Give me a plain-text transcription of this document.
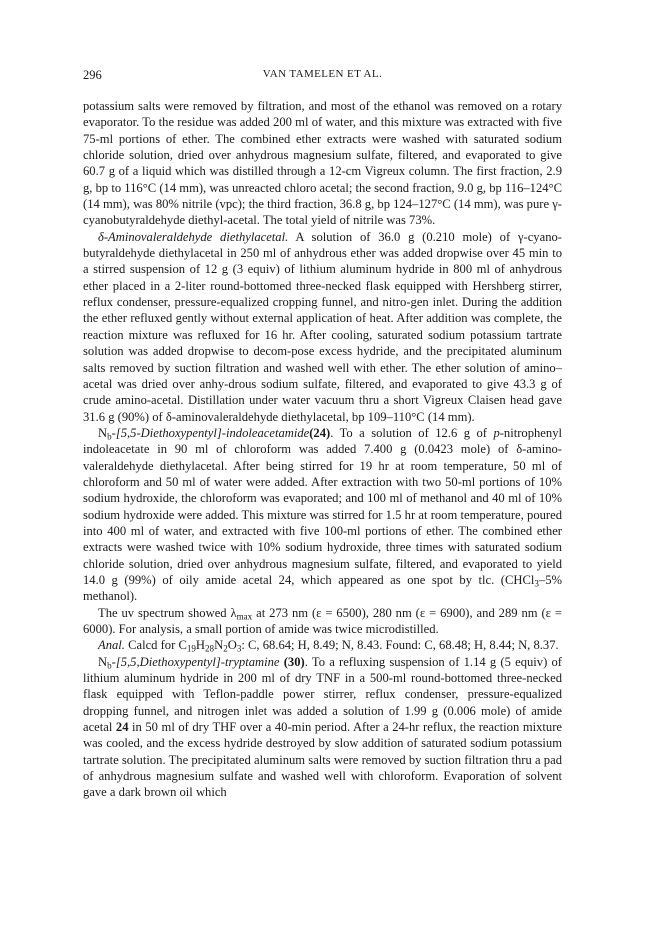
296	VAN TAMELEN ET AL.

potassium salts were removed by filtration, and most of the ethanol was removed on a rotary evaporator. To the residue was added 200 ml of water, and this mixture was extracted with five 75-ml portions of ether. The combined ether extracts were washed with saturated sodium chloride solution, dried over anhydrous magnesium sulfate, filtered, and evaporated to give 60.7 g of a liquid which was distilled through a 12-cm Vigreux column. The first fraction, 2.9 g, bp to 116°C (14 mm), was unreacted chloro acetal; the second fraction, 9.0 g, bp 116–124°C (14 mm), was 80% nitrile (vpc); the third fraction, 36.8 g, bp 124–127°C (14 mm), was pure γ-cyanobutyraldehyde diethyl-acetal. The total yield of nitrile was 73%.

δ-Aminovaleraldehyde diethylacetal. A solution of 36.0 g (0.210 mole) of γ-cyano-butyraldehyde diethylacetal in 250 ml of anhydrous ether was added dropwise over 45 min to a stirred suspension of 12 g (3 equiv) of lithium aluminum hydride in 800 ml of anhydrous ether placed in a 2-liter round-bottomed three-necked flask equipped with Hershberg stirrer, reflux condenser, pressure-equalized cropping funnel, and nitro-gen inlet. During the addition the ether refluxed gently without external application of heat. After addition was complete, the reaction mixture was refluxed for 16 hr. After cooling, saturated sodium potassium tartrate solution was added dropwise to decom-pose excess hydride, and the precipitated aluminum salts removed by suction filtration and washed well with ether. The ether solution of amino–acetal was dried over anhy-drous sodium sulfate, filtered, and evaporated to give 43.3 g of crude amino-acetal. Distillation under water vacuum thru a short Vigreux Claisen head gave 31.6 g (90%) of δ-aminovaleraldehyde diethylacetal, bp 109–110°C (14 mm).

$N_b-[5,5-Diethoxypentyl]-indoleacetamide(24)$. To a solution of 12.6 g of p-nitrophenyl indoleacetate in 90 ml of chloroform was added 7.400 g (0.0423 mole) of δ-amino-valeraldehyde diethylacetal. After being stirred for 19 hr at room temperature, 50 ml of chloroform and 50 ml of water were added. After extraction with two 50-ml portions of 10% sodium hydroxide, the chloroform was evaporated; and 100 ml of methanol and 40 ml of 10% sodium hydroxide were added. This mixture was stirred for 1.5 hr at room temperature, poured into 400 ml of water, and extracted with five 100-ml portions of ether. The combined ether extracts were washed twice with 10% sodium hydroxide, three times with saturated sodium chloride solution, dried over anhydrous magnesium sulfate, filtered, and evaporated to yield 14.0 g (99%) of oily amide acetal 24, which appeared as one spot by tlc. (CHCl$_3$–5% methanol).

The uv spectrum showed $\lambda_{max}$ at 273 nm (ε = 6500), 280 nm (ε = 6900), and 289 nm (ε = 6000). For analysis, a small portion of amide was twice microdistilled.

Anal. Calcd for $C_{19}H_{28}N_2O_3$: C, 68.64; H, 8.49; N, 8.43. Found: C, 68.48; H, 8.44; N, 8.37.

$N_b-[5,5,Diethoxypentyl]$-tryptamine (30). To a refluxing suspension of 1.14 g (5 equiv) of lithium aluminum hydride in 200 ml of dry TNF in a 500-ml round-bottomed three-necked flask equipped with Teflon-paddle power stirrer, reflux condenser, pressure-equalized dropping funnel, and nitrogen inlet was added a solution of 1.99 g (0.006 mole) of amide acetal 24 in 50 ml of dry THF over a 40-min period. After a 24-hr reflux, the reaction mixture was cooled, and the excess hydride destroyed by slow addition of saturated sodium potassium tartrate solution. The precipitated aluminum salts were removed by suction filtration thru a pad of anhydrous magnesium sulfate and washed well with chloroform. Evaporation of solvent gave a dark brown oil which
